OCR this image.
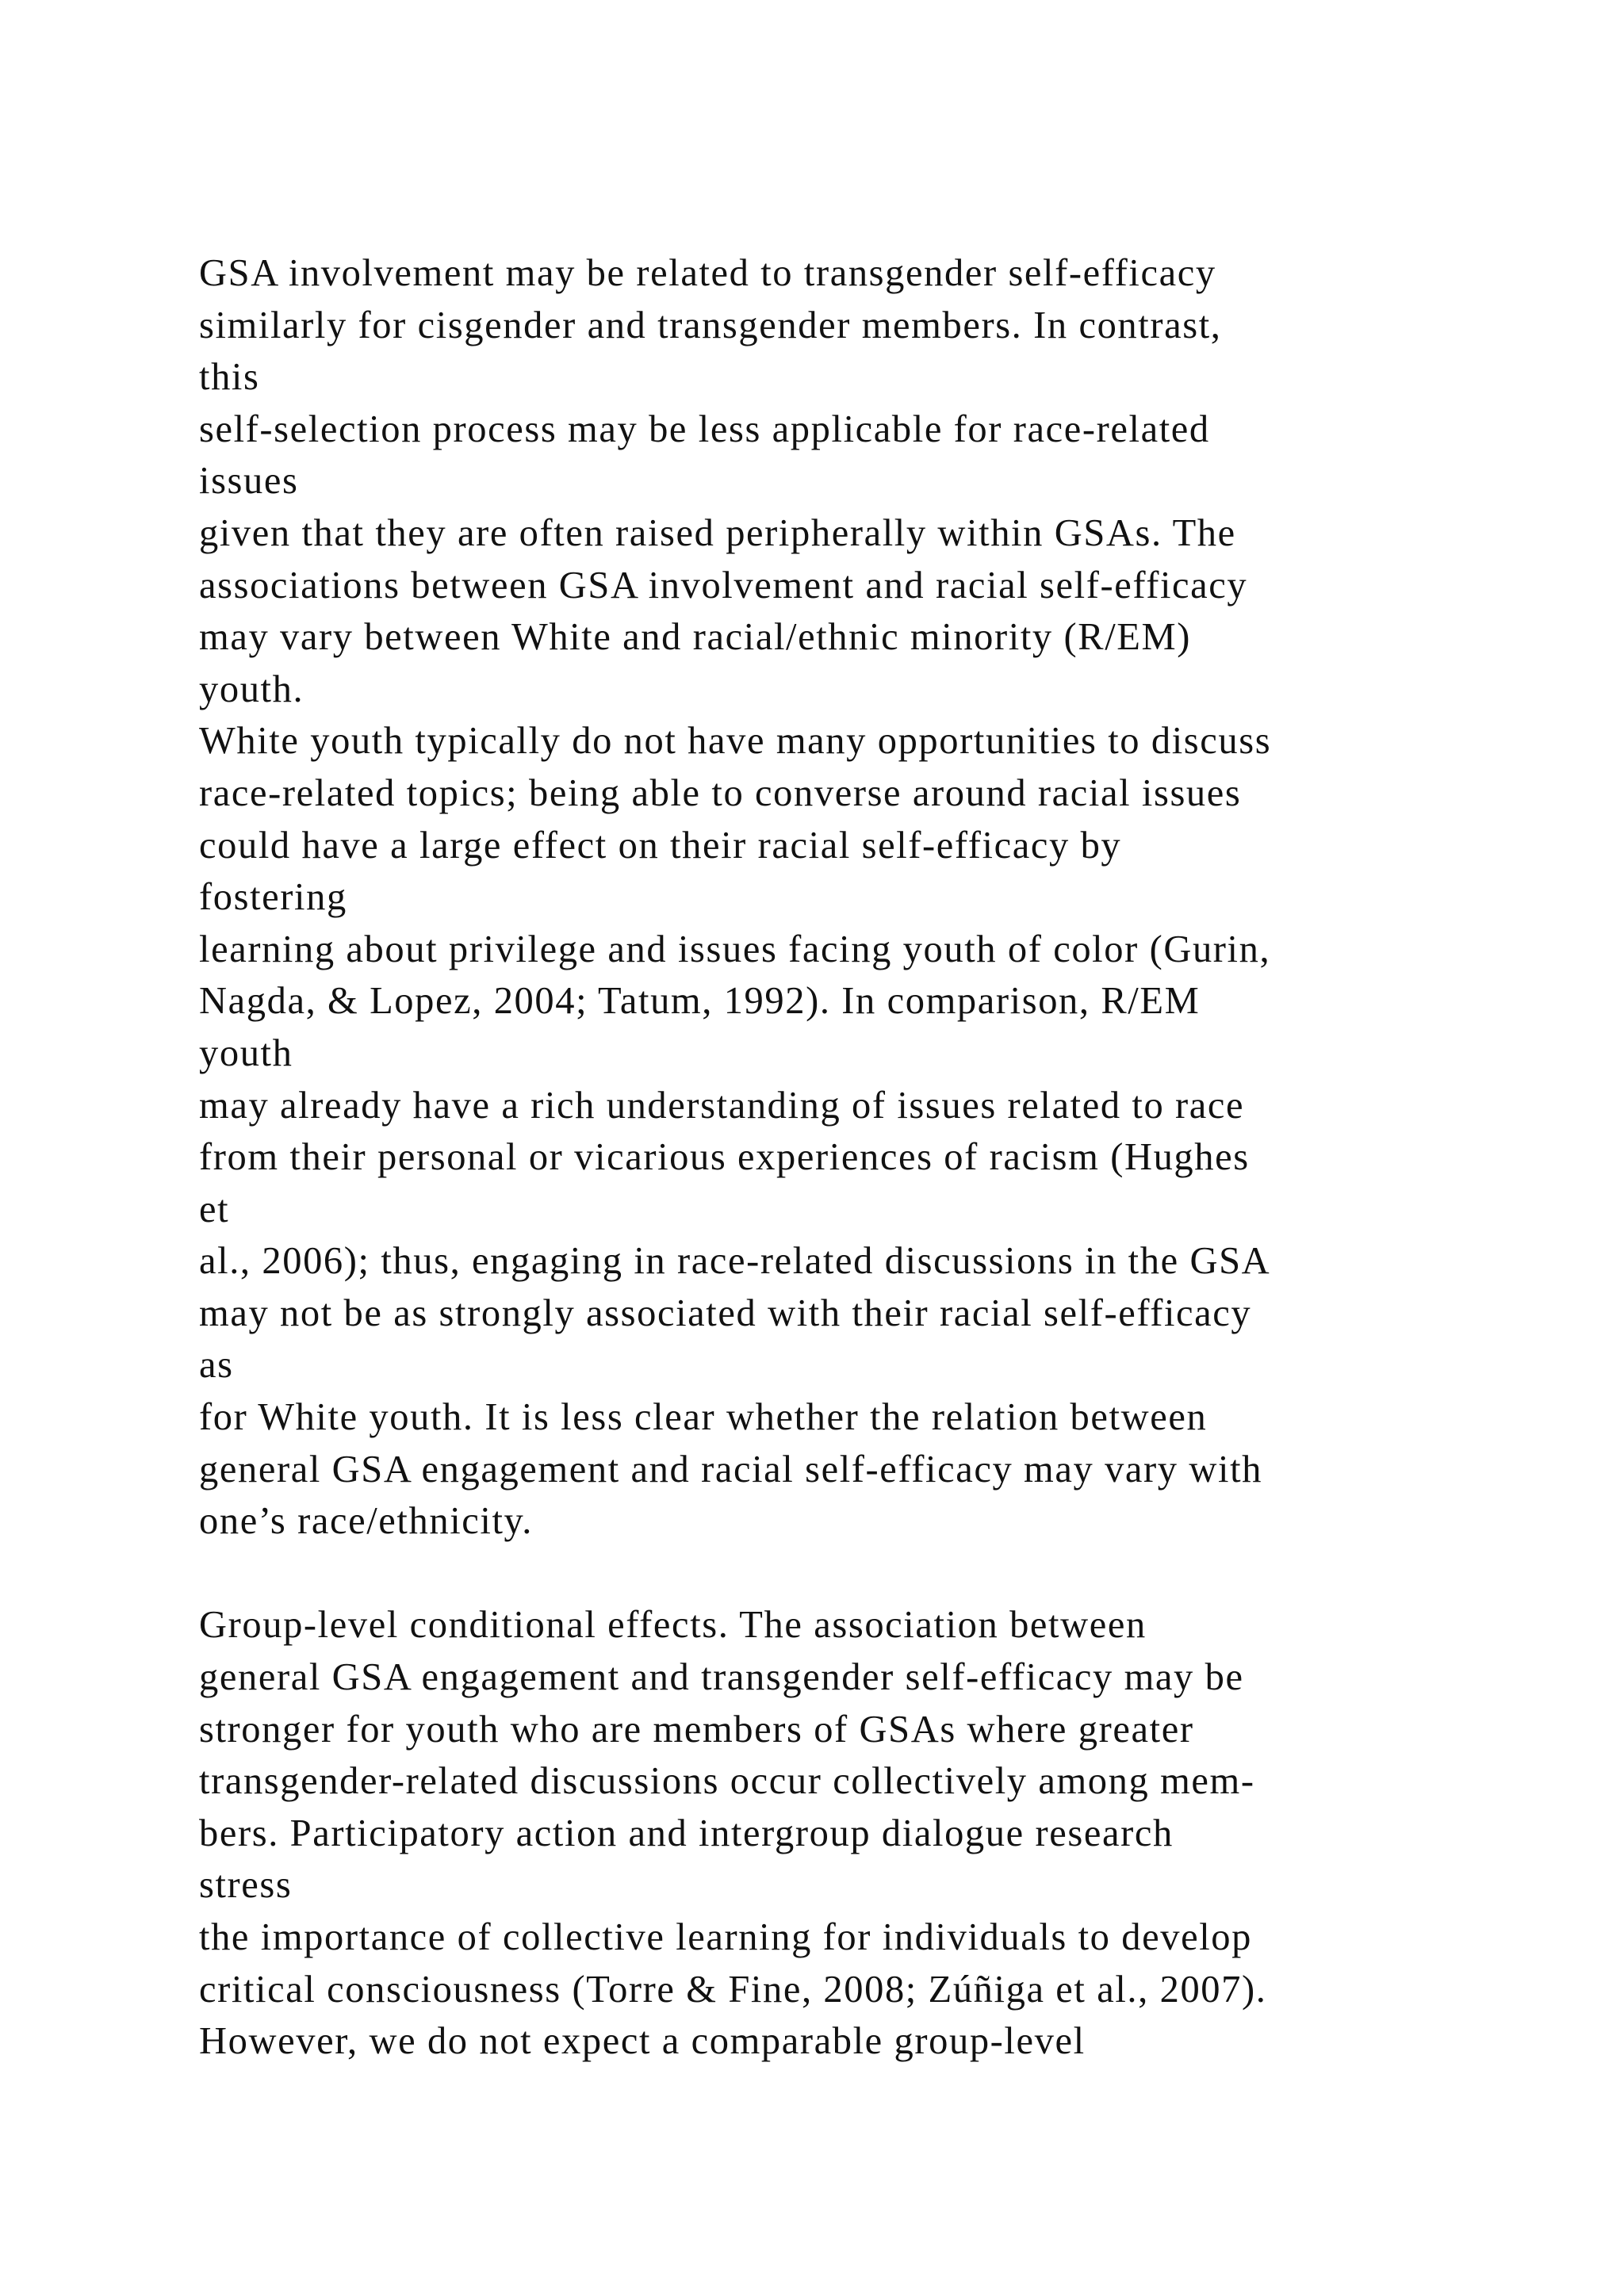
GSA involvement may be related to transgender self-efficacy
similarly for cisgender and transgender members. In contrast,
this
self-selection process may be less applicable for race-related
issues
given that they are often raised peripherally within GSAs. The
associations between GSA involvement and racial self-efficacy
may vary between White and racial/ethnic minority (R/EM)
youth.
White youth typically do not have many opportunities to discuss
race-related topics; being able to converse around racial issues
could have a large effect on their racial self-efficacy by
fostering
learning about privilege and issues facing youth of color (Gurin,
Nagda, & Lopez, 2004; Tatum, 1992). In comparison, R/EM
youth
may already have a rich understanding of issues related to race
from their personal or vicarious experiences of racism (Hughes
et
al., 2006); thus, engaging in race-related discussions in the GSA
may not be as strongly associated with their racial self-efficacy
as
for White youth. It is less clear whether the relation between
general GSA engagement and racial self-efficacy may vary with
one’s race/ethnicity.
Group-level conditional effects. The association between
general GSA engagement and transgender self-efficacy may be
stronger for youth who are members of GSAs where greater
transgender-related discussions occur collectively among mem-
bers. Participatory action and intergroup dialogue research
stress
the importance of collective learning for individuals to develop
critical consciousness (Torre & Fine, 2008; Zúñiga et al., 2007).
However, we do not expect a comparable group-level
